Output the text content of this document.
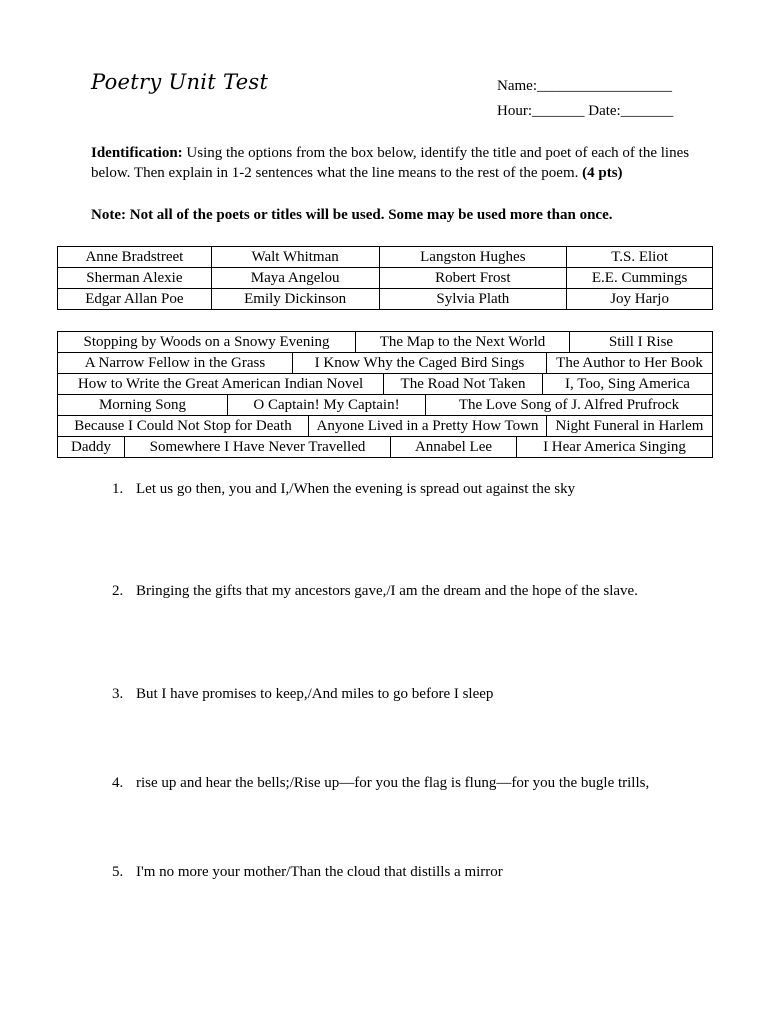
Poetry Unit Test	Name:__________________
Hour:_______ Date:_______
Identification: Using the options from the box below, identify the title and poet of each of the lines below. Then explain in 1-2 sentences what the line means to the rest of the poem. (4 pts)
Note: Not all of the poets or titles will be used. Some may be used more than once.
Anne Bradstreet	Walt Whitman	Langston Hughes	T.S. Eliot
Sherman Alexie	Maya Angelou	Robert Frost	E.E. Cummings
Edgar Allan Poe	Emily Dickinson	Sylvia Plath	Joy Harjo
Stopping by Woods on a Snowy Evening	The Map to the Next World	Still I Rise
A Narrow Fellow in the Grass	I Know Why the Caged Bird Sings	The Author to Her Book
How to Write the Great American Indian Novel	The Road Not Taken	I, Too, Sing America
Morning Song	O Captain! My Captain!	The Love Song of J. Alfred Prufrock
Because I Could Not Stop for Death	Anyone Lived in a Pretty How Town	Night Funeral in Harlem
Daddy	Somewhere I Have Never Travelled	Annabel Lee	I Hear America Singing
1. Let us go then, you and I,/When the evening is spread out against the sky
2. Bringing the gifts that my ancestors gave,/I am the dream and the hope of the slave.
3. But I have promises to keep,/And miles to go before I sleep
4. rise up and hear the bells;/Rise up—for you the flag is flung—for you the bugle trills,
5. I'm no more your mother/Than the cloud that distills a mirror
